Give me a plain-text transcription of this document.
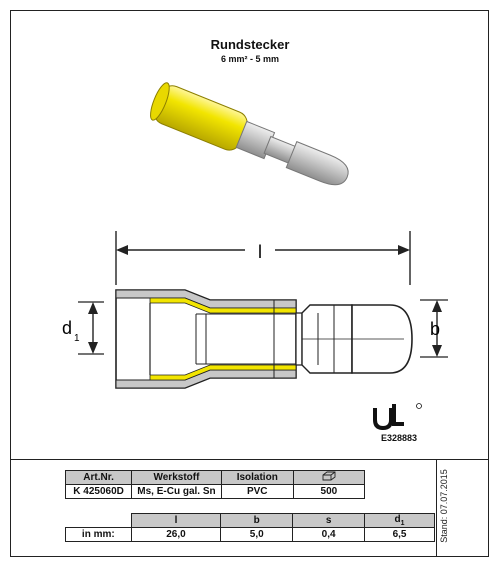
Rundstecker
6 mm² - 5 mm
l
d
1	b
E328883
Art.Nr.	Werkstoff	Isolation	
K 425060D	Ms, E-Cu gal. Sn	PVC	500
	l	b	s	$d_1$
in mm:	26,0	5,0	0,4	6,5	Stand: 07.07.2015
